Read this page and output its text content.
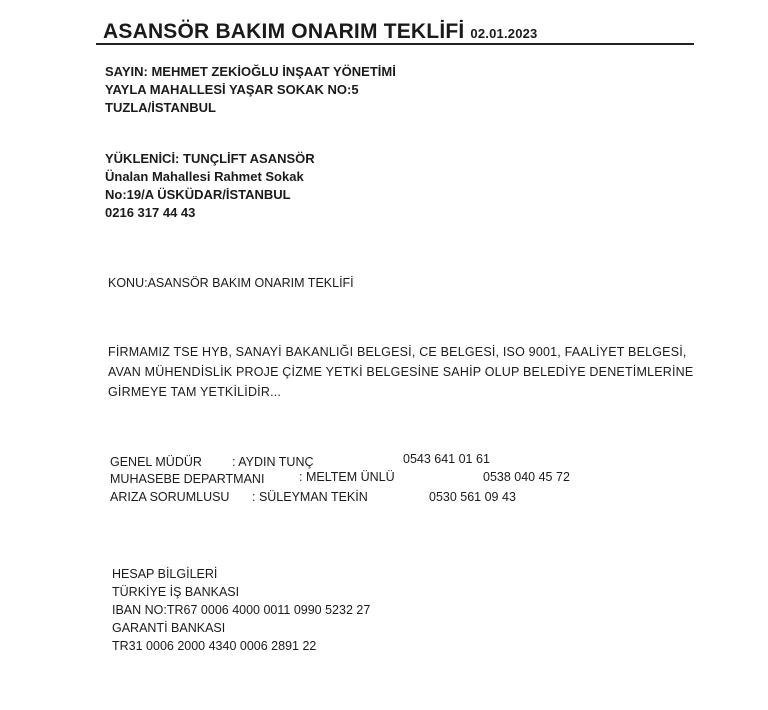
ASANSÖR BAKIM ONARIM TEKLİFİ 02.01.2023
SAYIN: MEHMET ZEKİOĞLU İNŞAAT YÖNETİMİ
YAYLA MAHALLESİ YAŞAR SOKAK NO:5
TUZLA/İSTANBUL
YÜKLENİCİ: TUNÇLİFT ASANSÖR
Ünalan Mahallesi Rahmet Sokak
No:19/A ÜSKÜDAR/İSTANBUL
0216 317 44 43
KONU:ASANSÖR BAKIM ONARIM TEKLİFİ
FİRMAMIZ TSE HYB, SANAYİ BAKANLIĞI BELGESİ, CE BELGESİ, ISO 9001, FAALİYET BELGESİ,
AVAN MÜHENDİSLİK PROJE ÇİZME YETKİ BELGESİNE SAHİP OLUP BELEDİYE DENETİMLERİNE
GİRMEYE TAM YETKİLİDİR...
GENEL MÜDÜR : AYDIN TUNÇ	0543 641 01 61
MUHASEBE DEPARTMANI	: MELTEM ÜNLÜ	0538 040 45 72
ARIZA SORUMLUSU : SÜLEYMAN TEKİN	0530 561 09 43
HESAP BİLGİLERİ
TÜRKİYE İŞ BANKASI
IBAN NO:TR67 0006 4000 0011 0990 5232 27
GARANTİ BANKASI
TR31 0006 2000 4340 0006 2891 22
